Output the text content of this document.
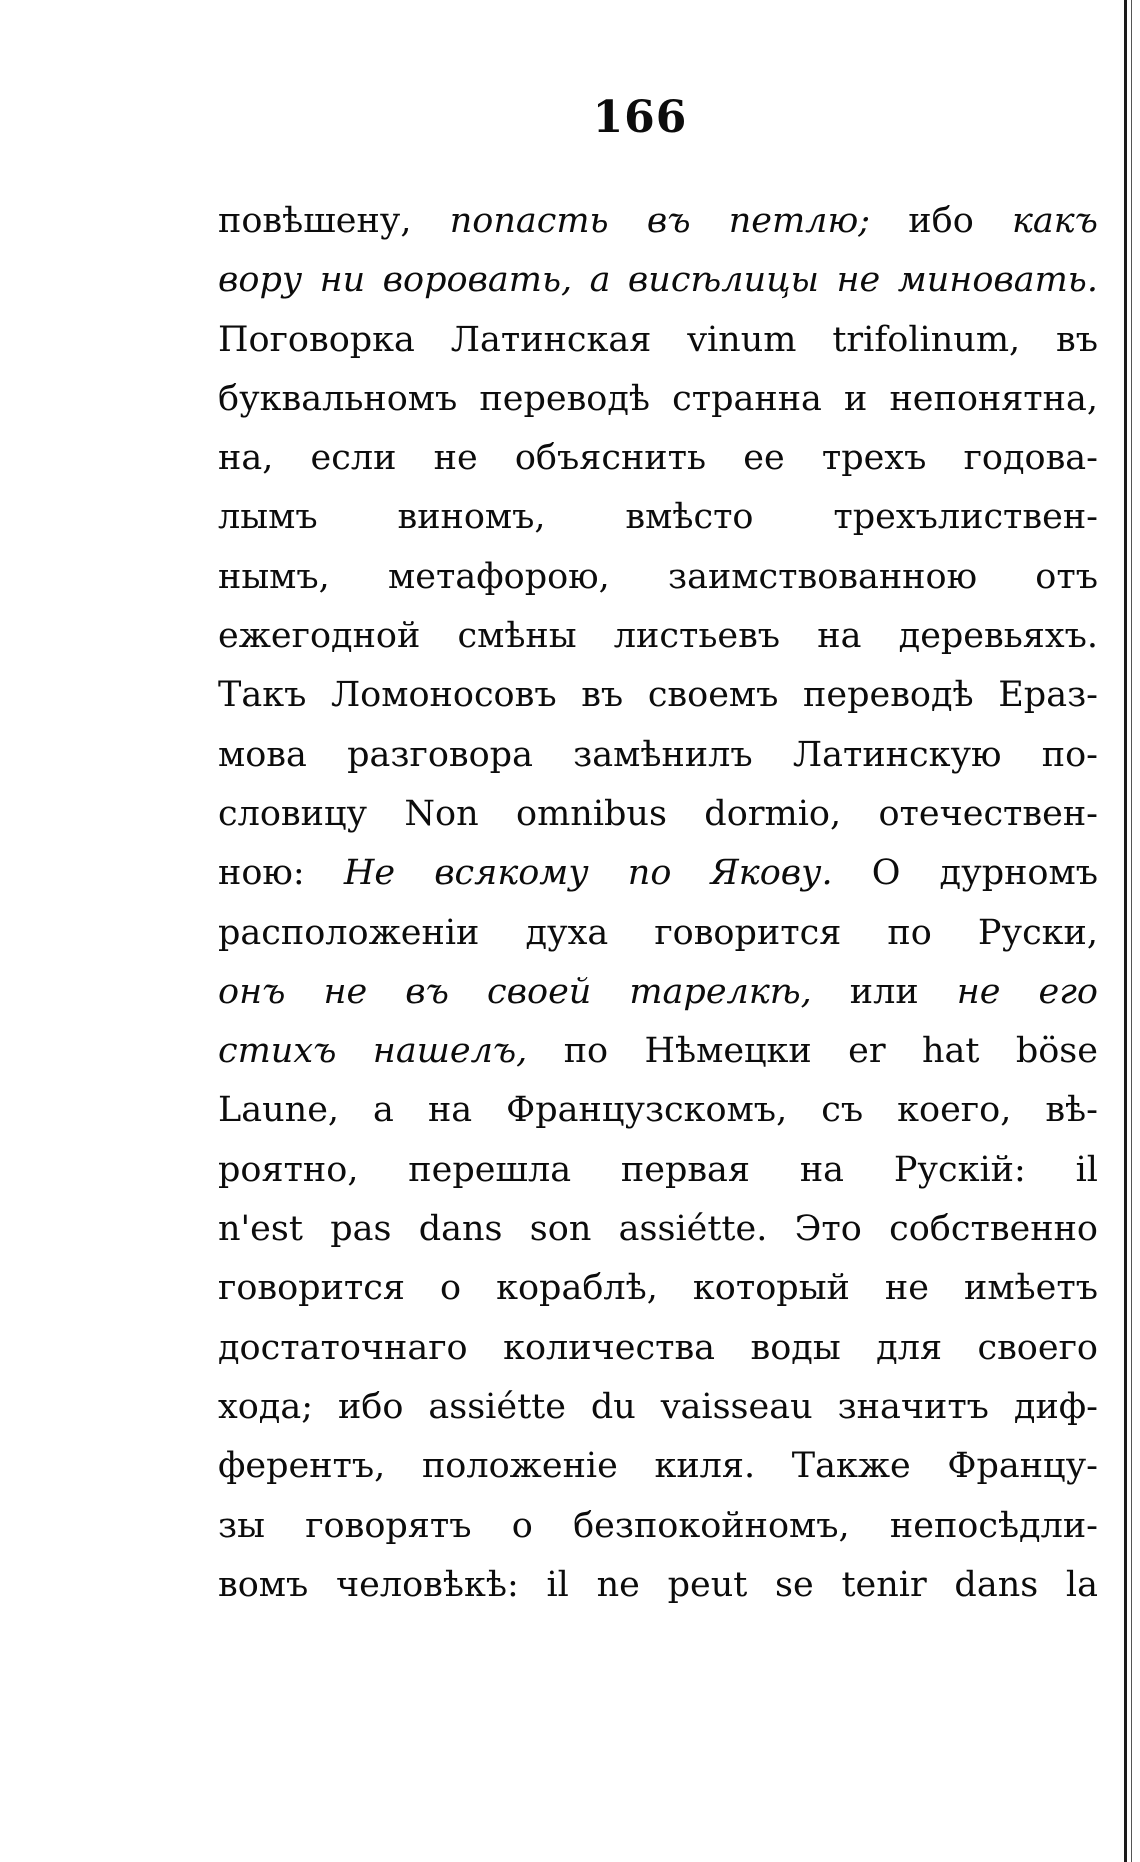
166
повѣшену, попасть въ петлю; ибо какъ
вору ни воровать, а висѣлицы не миновать.
Поговорка Латинская vinum trifolinum, въ
буквальномъ переводѣ странна и непонятна,
на, если не объяснить ее трехъ годова-
лымъ виномъ, вмѣсто трехълиствен-
нымъ, метафорою, заимствованною отъ
ежегодной смѣны листьевъ на деревьяхъ.
Такъ Ломоносовъ въ своемъ переводѣ Ераз-
мова разговора замѣнилъ Латинскую по-
словицу Non omnibus dormio, отечествен-
ною: Не всякому по Якову. О дурномъ
расположеніи духа говорится по Руски,
онъ не въ своей тарелкѣ, или не его
стихъ нашелъ, по Нѣмецки er hat böse
Laune, а на Французскомъ, съ коего, вѣ-
роятно, перешла первая на Рускій: il
n'est pas dans son assiétte. Это собственно
говорится о кораблѣ, который не имѣетъ
достаточнаго количества воды для своего
хода; ибо assiétte du vaisseau значитъ диф-
ферентъ, положеніе киля. Также Францу-
зы говорятъ о безпокойномъ, непосѣдли-
вомъ человѣкѣ: il ne peut se tenir dans la
